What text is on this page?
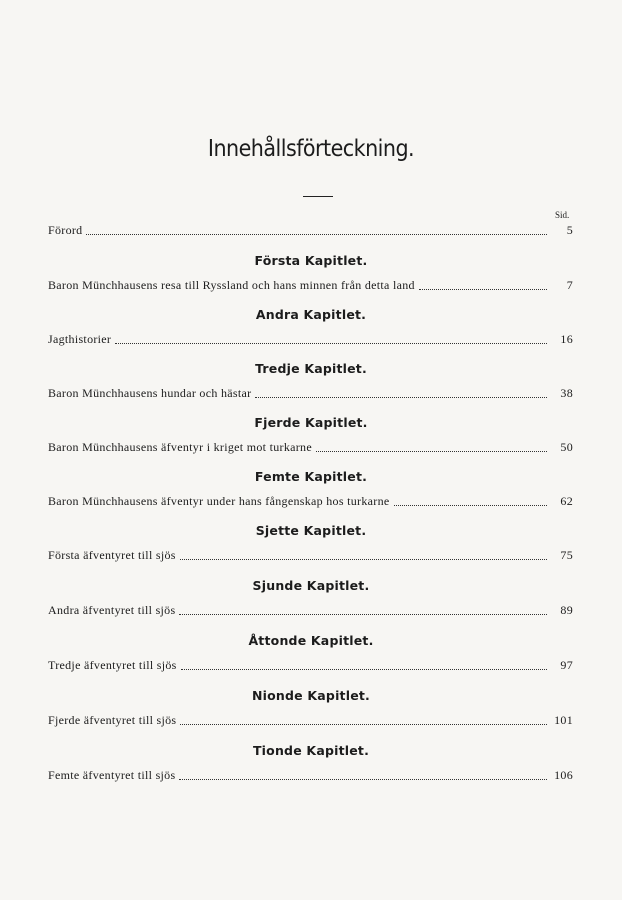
Innehållsförteckning.
Sid.
Förord	5
Första Kapitlet.
Baron Münchhausens resa till Ryssland och hans minnen från detta land	7
Andra Kapitlet.
Jagthistorier	16
Tredje Kapitlet.
Baron Münchhausens hundar och hästar	38
Fjerde Kapitlet.
Baron Münchhausens äfventyr i kriget mot turkarne	50
Femte Kapitlet.
Baron Münchhausens äfventyr under hans fångenskap hos turkarne	62
Sjette Kapitlet.
Första äfventyret till sjös	75
Sjunde Kapitlet.
Andra äfventyret till sjös	89
Åttonde Kapitlet.
Tredje äfventyret till sjös	97
Nionde Kapitlet.
Fjerde äfventyret till sjös	101
Tionde Kapitlet.
Femte äfventyret till sjös	106
